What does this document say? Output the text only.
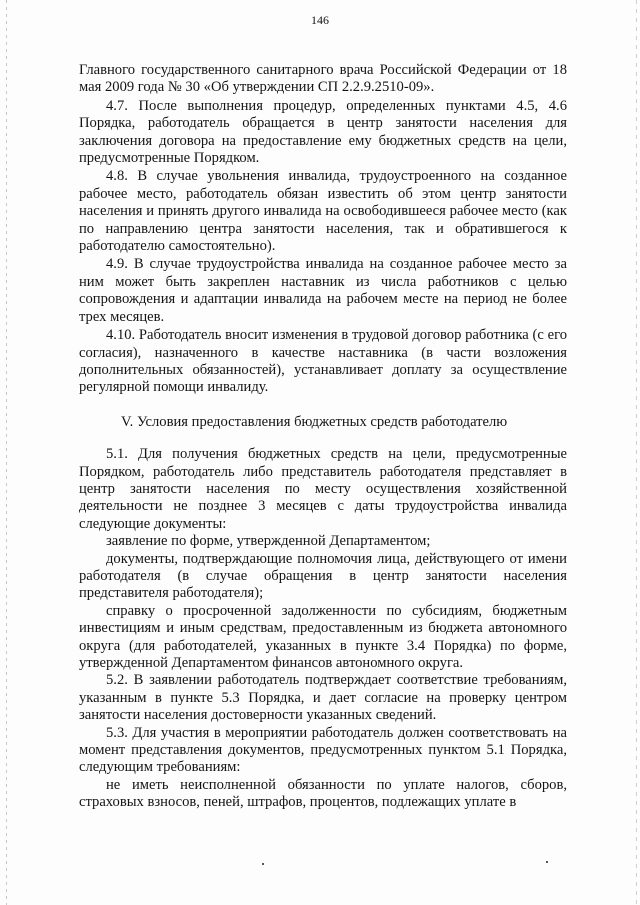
146

Главного государственного санитарного врача Российской Федерации от 18 мая 2009 года № 30 «Об утверждении СП 2.2.9.2510-09».

4.7. После выполнения процедур, определенных пунктами 4.5, 4.6 Порядка, работодатель обращается в центр занятости населения для заключения договора на предоставление ему бюджетных средств на цели, предусмотренные Порядком.

4.8. В случае увольнения инвалида, трудоустроенного на созданное рабочее место, работодатель обязан известить об этом центр занятости населения и принять другого инвалида на освободившееся рабочее место (как по направлению центра занятости населения, так и обратившегося к работодателю самостоятельно).

4.9. В случае трудоустройства инвалида на созданное рабочее место за ним может быть закреплен наставник из числа работников с целью сопровождения и адаптации инвалида на рабочем месте на период не более трех месяцев.

4.10. Работодатель вносит изменения в трудовой договор работника (с его согласия), назначенного в качестве наставника (в части возложения дополнительных обязанностей), устанавливает доплату за осуществление регулярной помощи инвалиду.

V. Условия предоставления бюджетных средств работодателю

5.1. Для получения бюджетных средств на цели, предусмотренные Порядком, работодатель либо представитель работодателя представляет в центр занятости населения по месту осуществления хозяйственной деятельности не позднее 3 месяцев с даты трудоустройства инвалида следующие документы:

заявление по форме, утвержденной Департаментом;

документы, подтверждающие полномочия лица, действующего от имени работодателя (в случае обращения в центр занятости населения представителя работодателя);

справку о просроченной задолженности по субсидиям, бюджетным инвестициям и иным средствам, предоставленным из бюджета автономного округа (для работодателей, указанных в пункте 3.4 Порядка) по форме, утвержденной Департаментом финансов автономного округа.

5.2. В заявлении работодатель подтверждает соответствие требованиям, указанным в пункте 5.3 Порядка, и дает согласие на проверку центром занятости населения достоверности указанных сведений.

5.3. Для участия в мероприятии работодатель должен соответствовать на момент представления документов, предусмотренных пунктом 5.1 Порядка, следующим требованиям:

не иметь неисполненной обязанности по уплате налогов, сборов, страховых взносов, пеней, штрафов, процентов, подлежащих уплате в
